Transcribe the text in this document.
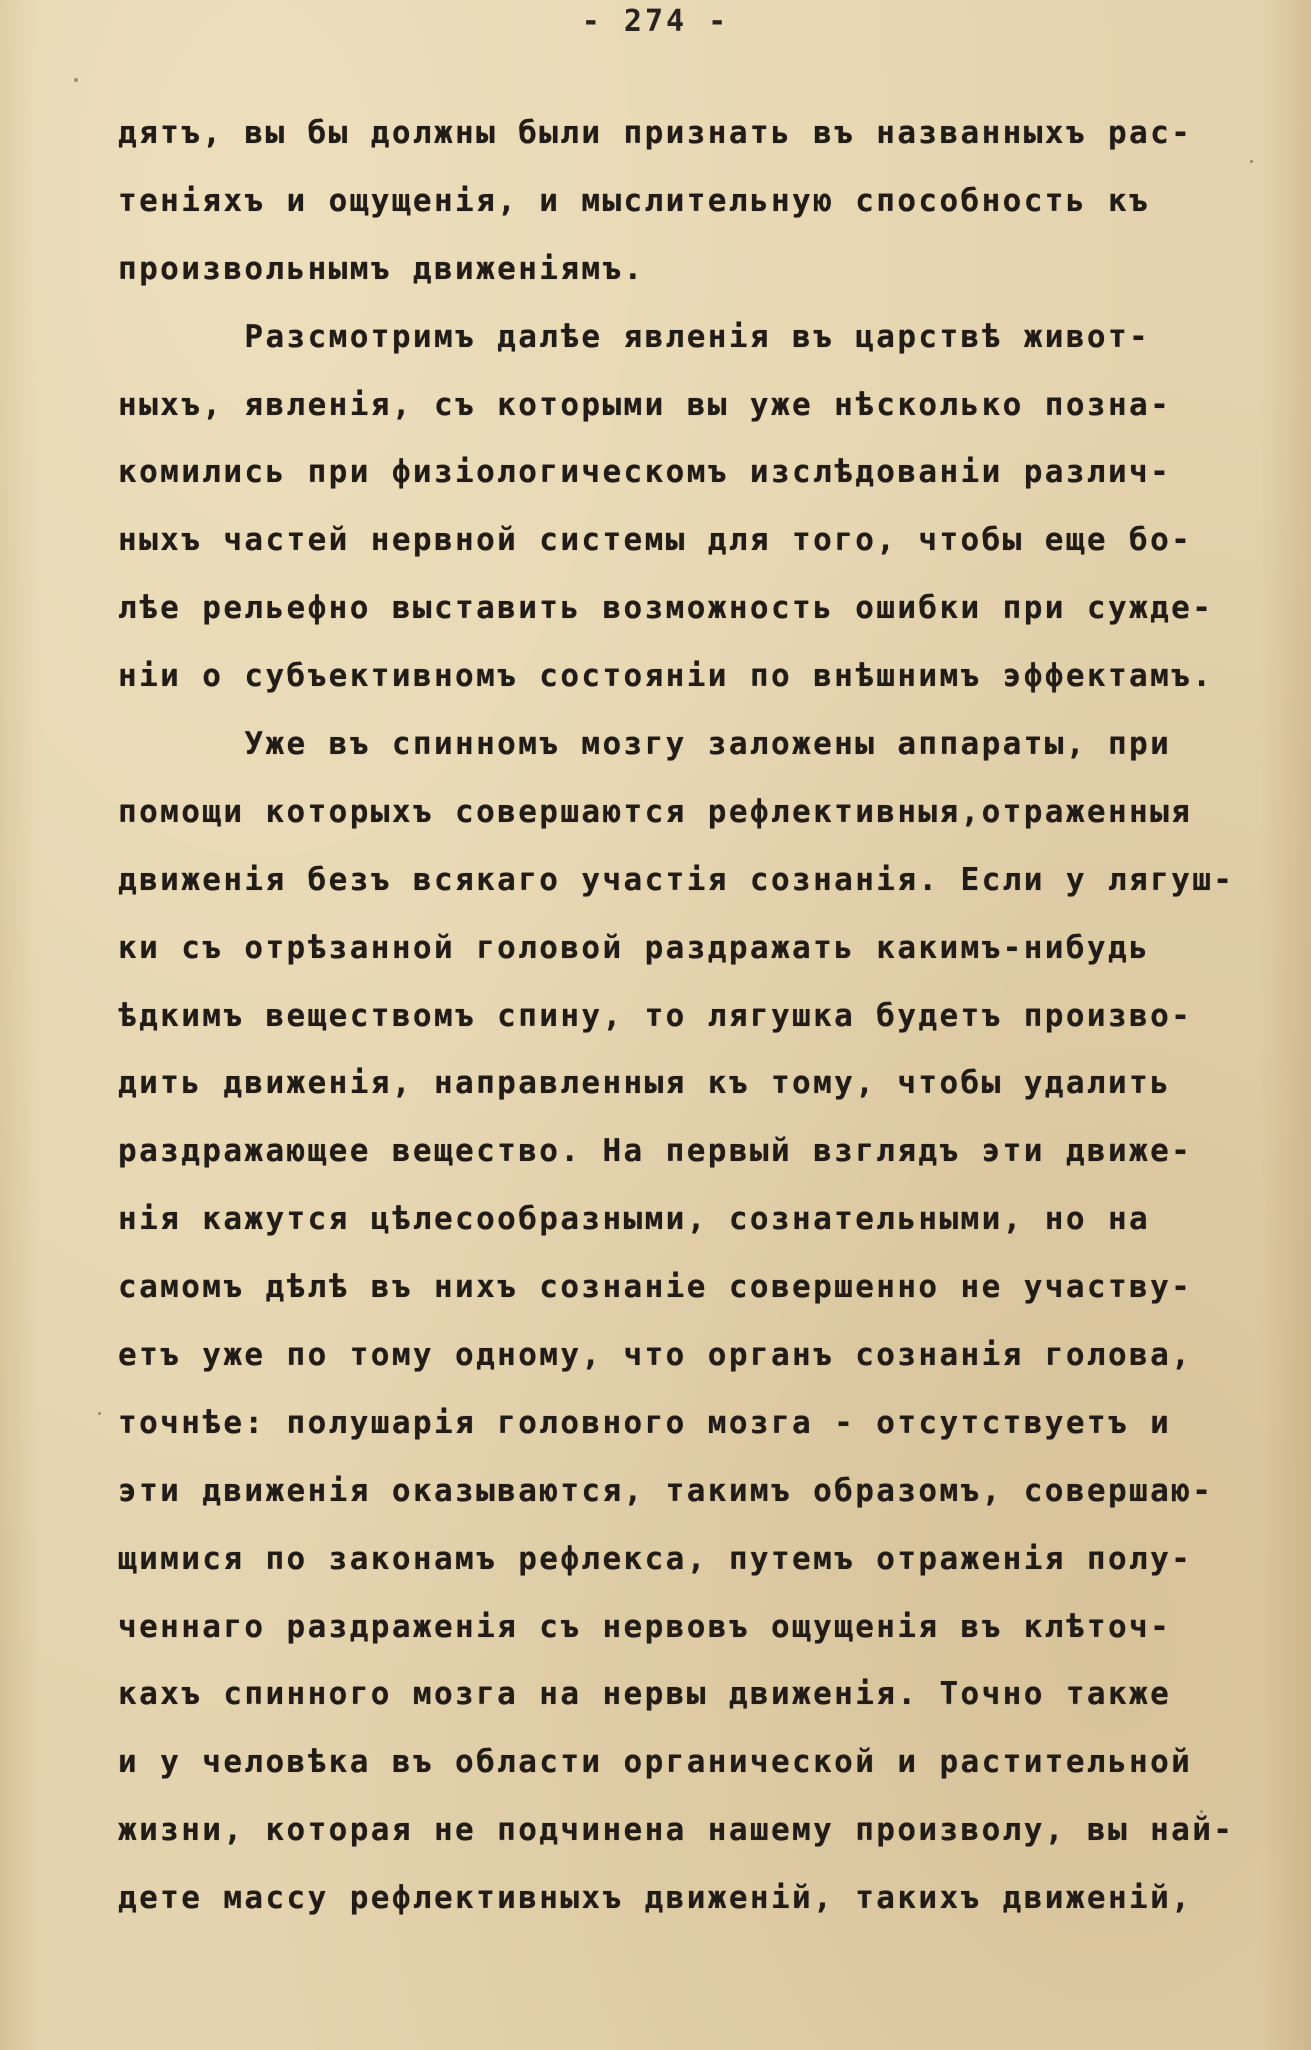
- 274 -
дятъ, вы бы должны были признать въ названныхъ рас-
теніяхъ и ощущенія, и мыслительную способность къ
произвольнымъ движеніямъ.
Разсмотримъ далѣе явленія въ царствѣ живот-
ныхъ, явленія, съ которыми вы уже нѣсколько позна-
комились при физіологическомъ изслѣдованіи различ-
ныхъ частей нервной системы для того, чтобы еще бо-
лѣе рельефно выставить возможность ошибки при сужде-
ніи о субъективномъ состояніи по внѣшнимъ эффектамъ.
Уже въ спинномъ мозгу заложены аппараты, при
помощи которыхъ совершаются рефлективныя,отраженныя
движенія безъ всякаго участія сознанія. Если у лягуш-
ки съ отрѣзанной головой раздражать какимъ-нибудь
ѣдкимъ веществомъ спину, то лягушка будетъ произво-
дить движенія, направленныя къ тому, чтобы удалить
раздражающее вещество. На первый взглядъ эти движе-
нія кажутся цѣлесообразными, сознательными, но на
самомъ дѣлѣ въ нихъ сознаніе совершенно не участву-
етъ уже по тому одному, что органъ сознанія голова,
точнѣе: полушарія головного мозга - отсутствуетъ и
эти движенія оказываются, такимъ образомъ, совершаю-
щимися по законамъ рефлекса, путемъ отраженія полу-
ченнаго раздраженія съ нервовъ ощущенія въ клѣточ-
кахъ спинного мозга на нервы движенія. Точно также
и у человѣка въ области органической и растительной
жизни, которая не подчинена нашему произволу, вы най-
дете массу рефлективныхъ движеній, такихъ движеній,
